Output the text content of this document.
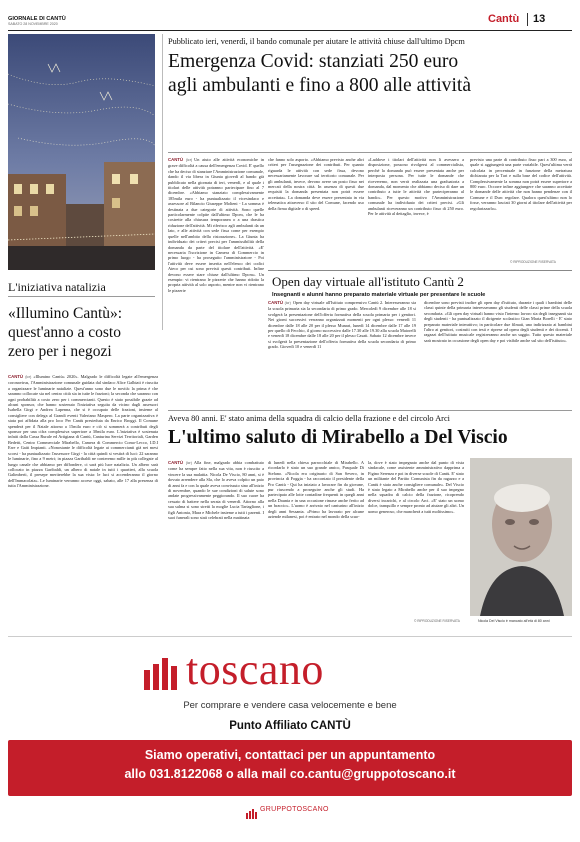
GIORNALE DI CANTÙ
SABATO 28 NOVEMBRE 2020	Cantù 13
L'iniziativa natalizia
«Illumino Cantù»:
quest'anno a costo
zero per i negozi
CANTÙ (lcr) «Illumino Cantù» 2020». Malgrado le difficoltà legate all'emergenza coronavirus, l'Amministrazione comunale guidata dal sindaco Alice Galbiati è riuscita a organizzare le luminarie natalizie. Quest'anno sono due le novità: la prima è che saranno collocate sia nel centro città sia in tutte le frazioni; la seconda che saranno con ogni probabilità a costo zero per i commercianti. Questo è stato possibile grazie ad alcuni sponsor, che hanno sostenuto l'iniziativa seguita da vicino dagli assessori Isabella Girgi e Andrea Lapenna, che si è occupato delle frazioni, insieme al consigliere con delega al Grandi eventi Valeriano Maspero. La parte organizzativa è stata poi affidata alla pro loco Per Cantù presieduta da Enrico Broggi. Il Comune spenderà per il Natale attorno a 15mila euro e ciò si sommerà a contributi degli sponsor per una cifra complessiva superiore a 30mila euro. L'iniziativa è sostenuta infatti dalla Cassa Rurale ed Artigiana di Cantù, Canturina Servizi Territoriali, Garden Bedetti, Centro Commerciale Mirabello, Camera di Commercio Como-Lecco, I.D.I Erre e Gaiti Impianti. «Nonostante le difficoltà legate ai commercianti già nei mesi scorsi - ha puntualizzato l'assessore Girgi - la città quindi si vestirà di luci: 22 saranno le luminarie, fino a 9 metri; in piazza Garibaldi ne conteremo mille in più collegate al lungo canale che abbiamo per diffondere, ci sarà più luce natalizia. Un albero sarà collocato in piazza Garibaldi, un albero di natale in tutti i quartieri, alla scuola Galimberti, il presepe meriterebbe la sua vista: le luci si accenderanno il giorno dell'Immacolata». Le luminarie verranno accese oggi, sabato, alle 17 alla presenza di tutta l'Amministrazione.
Pubblicato ieri, venerdì, il bando comunale per aiutare le attività chiuse dall'ultimo Dpcm
Emergenza Covid: stanziati 250 euro
agli ambulanti e fino a 800 alle attività
CANTÙ (lcr) Un aiuto alle attività economiche in grave difficoltà a causa dell'emergenza Covid. E' quello che ha deciso di stanziare l'Amministrazione comunale, dando il via libera in Giunta giovedì al bando già pubblicato nella giornata di ieri, venerdì, e al quale i titolari delle attività potranno partecipare fino al 7 dicembre. «Abbiamo stanziato complessivamente 185mila euro - ha puntualizzato il vicesindaco e assessore al Bilancio Giuseppe Molteni - La somma è destinata a due categorie di attività. Sono quelle particolarmente colpite dall'ultimo Dpcm, che le ha costrette alla chiusura temporanea o a una drastica riduzione dell'attività. Mi riferisco agli ambulanti da un lato, e alle attività con sede fissa come per esempio quelle nell'ambito della ristorazione». La Giunta ha individuato dei criteri precisi per l'ammissibilità della domanda da parte del titolare dell'attività. «E' necessaria l'iscrizione in Camera di Commercio in primo luogo - ha proseguito l'amministratore - Poi l'attività deve essere inserita nell'elenco dei codici Ateco per cui sono previsti questi contributi. Infine devono essere stare chiuse dall'ultimo Dpcm». Un esempio: vi rientrano le pizzerie che hanno ridotto la propria attività al solo asporto, mentre non vi rientrano le pizzerie
che fanno solo asporto. «Abbiamo previsto anche altri criteri per l'assegnazione dei contributi. Per quanto riguarda le attività con sede fissa, devono necessariamente lavorare sul territorio comunale. Per gli ambulanti, invece, devono avere un posto fisso nei mercati della nostra città. In assenza di questi due requisiti la domanda presentata non potrà essere accettata». La domanda deve essere presentata in via telematica attraverso il sito del Comune, facendo uso della firma digitale o di speed.
«Laddove i titolari dell'attività non li avessero a disposizione, possono rivolgersi al commercialista, perché la domanda può essere presentata anche per interposta persona. Per tutte le domande che riceveremo, non verrà realizzata una graduatoria a domanda, dal momento che abbiamo deciso di dare un contributo a tutte le attività che parteciperanno al bando». Per questo motivo l'Amministrazione comunale ha individuato dei criteri precisi. «Gli ambulanti riceveranno un contributo fisso di 250 euro. Per le attività al dettaglio, invece, è
previsto una parte di contributo fisso pari a 300 euro, al quale si aggiungerà una parte variabile. Quest'ultima verrà calcolata in percentuale in funzione della metratura dichiarata per la Tari e sulla base del codice dell'attività. Complessivamente la somma non potrà essere superiore a 800 euro. Occorre infine aggiungere che saranno accettate le domande delle attività che non hanno pendenze con il Comune e il Durc regolare. Qualora quest'ultimo non lo fosse, verranno lasciati 30 giorni al titolare dell'attività per regolarizzarlo».
© RIPRODUZIONE RISERVATA
Open day virtuale all'istituto Cantù 2
Insegnanti e alunni hanno preparato materiale virtuale per presentare le scuole
CANTÙ (lcr) Open day virtuale all'Istituto comprensivo Cantù 2. Interesseranno sia la scuola primaria sia la secondaria di primo grado. Mercoledì 9 dicembre alle 18 si svolgerà la presentazione dell'offerta formativa della scuola primaria per i genitori. Nei giorni successivi verranno organizzati momenti per ogni plesso: venerdì 11 dicembre dalle 18 alle 20 per il plesso Munari, lunedì 14 dicembre dalle 17 alle 19 per quello di Fecchio, il giorno successivo dalle 17.30 alle 19.30 alla scuola Maiorelli e venerdì 18 dicembre dalle 18 alle 20 per il plesso Casati. Sabato 12 dicembre invece si svolgerà la presentazione dell'offerta formativa della scuola secondaria di primo grado. Giovedì 10 e venerdì 11
dicembre sono previsti inoltre gli open day d'istituto, durante i quali i bambini delle classi quinte della primaria interesseranno gli studenti delle classi prime della scuola secondaria. «Gli open day virtuali hanno visto l'intenso lavoro sia degli insegnanti sia degli studenti - ha puntualizzato il dirigente scolastico Gian Maria Borelli - E' stato preparato materiale interattivo; in particolare due filmati, uno indirizzato ai bambini l'altro ai genitori, costruiti con testi e riprese ad opera degli studenti e dei docenti. I ragazzi dell'istituto musicale registreranno anche un saggio. Tutto questo materiale sarà mostrato in occasione degli open day e poi visibile anche sul sito dell'istituto».
Aveva 80 anni. E' stato anima della squadra di calcio della frazione e del circolo Arci
L'ultimo saluto di Mirabello a Del Viscio
CANTÙ (lcr) Alla fine, malgrado abbia combattuto come ha sempre fatto nella sua vita, non è riuscito a vincere la sua malattia. Nicola De Viscio, 80 anni, si è dovuto arrendere alla Sla, che lo aveva colpito un paio di anni fa e con la quale aveva convissuto sino all'inizio di novembre, quando le sue condizioni di salute sono andate progressivamente peggiorando. Il suo cuore ha cessato di battere nella serata di venerdì. Attorno alla sua salma si sono stretti la moglie Lucia Tartaglione, i figli Antonia, Mara e Michele insieme a tutti i parenti. I suoi funerali sono stati celebrati nella mattinata
di lunedì nella chiesa parrocchiale di Mirabello. A ricordarlo è stato un suo grande amico, Pasquale Di Stefano. «Nicola era originario di San Severo, in provincia di Foggia - ha raccontato il presidente della Pro Cantù - Qui ha iniziato a lavorare fin da giovane, pur riuscendo a proseguire anche gli studi. Ha partecipato alle lotte contadine frequenti in quegli anni nella Daunia e in una occasione rimase anche ferito ad un braccio». L'uomo è arrivato nel canturino all'inizio degli anni Sessanta. «Primo ha lavorato per alcune aziende milanesi, poi è entrato nel mondo della scuo-
la, dove è stato impegnato anche dal punto di vista sindacale, come assistente amministrativo dapprima a Figino Serenza e poi in diverse scuole di Cantù. E' stato un militante del Partito Comunista fin da ragazzo e a Cantù è stato anche consigliere comunale». Del Viscio è stato legato a Mirabello anche per il suo impegno nella squadra di calcio della frazione, ricoprendo diversi incarichi, e al circolo Arci. «E' stato un uomo dolce, tranquillo e sempre pronto ad aiutare gli altri. Un uomo generoso, che mancherà a tutti moltissimo».
© RIPRODUZIONE RISERVATA	Nicola Del Viscio è mancato all'età di 80 anni
toscano
Per comprare e vendere casa velocemente e bene
Punto Affiliato CANTÙ
Siamo operativi, contattaci per un appuntamento
allo 031.8122068 o alla mail co.cantu@gruppotoscano.it
GRUPPOTOSCANO
